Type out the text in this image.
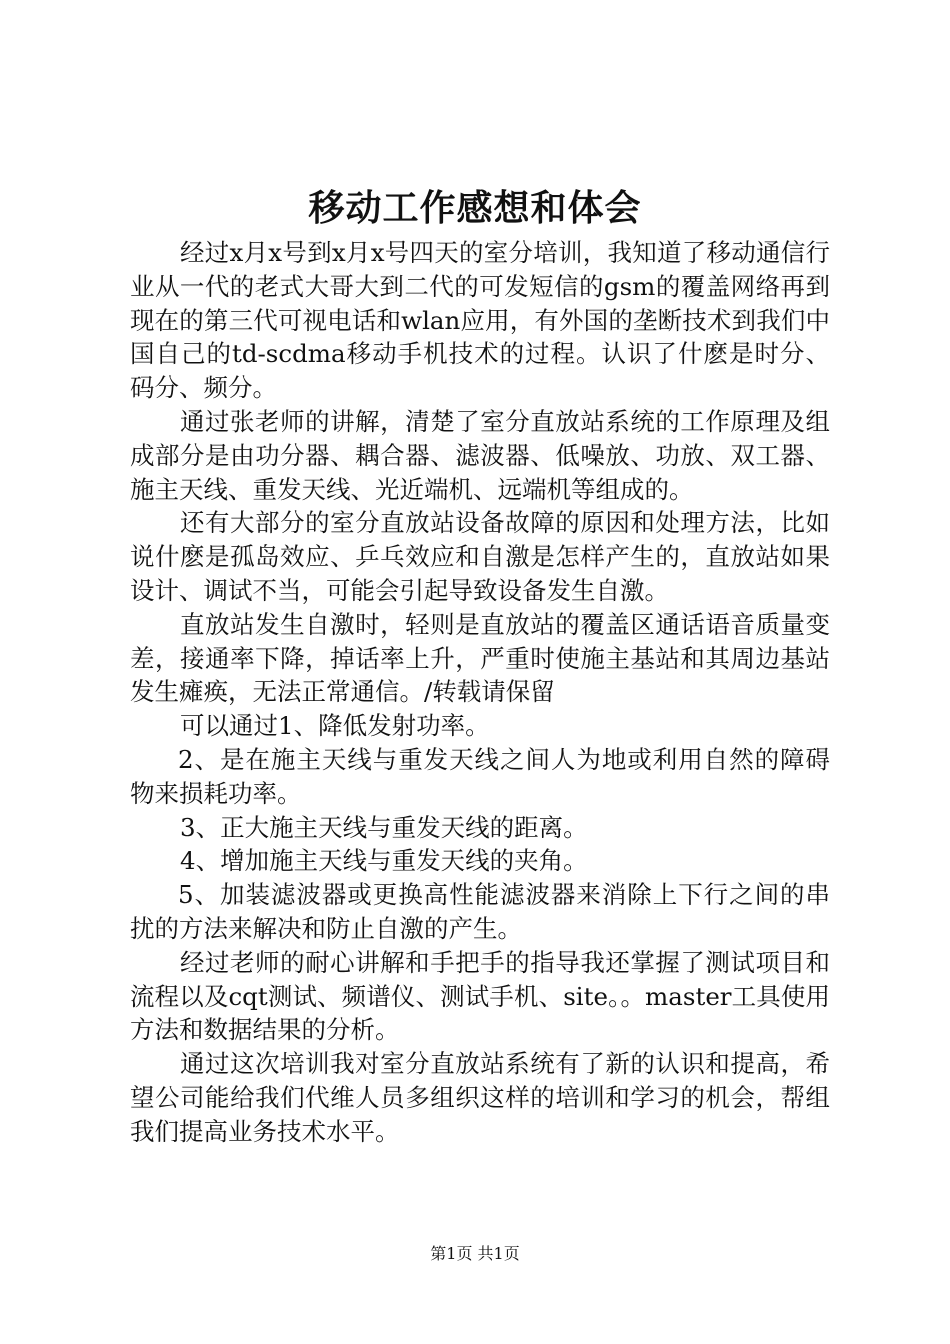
移动工作感想和体会

经过x月x号到x月x号四天的室分培训，我知道了移动通信行业从一代的老式大哥大到二代的可发短信的gsm的覆盖网络再到现在的第三代可视电话和wlan应用，有外国的垄断技术到我们中国自己的td-scdma移动手机技术的过程。认识了什麽是时分、码分、频分。

通过张老师的讲解，清楚了室分直放站系统的工作原理及组成部分是由功分器、耦合器、滤波器、低噪放、功放、双工器、施主天线、重发天线、光近端机、远端机等组成的。

还有大部分的室分直放站设备故障的原因和处理方法，比如说什麽是孤岛效应、乒乓效应和自激是怎样产生的，直放站如果设计、调试不当，可能会引起导致设备发生自激。

直放站发生自激时，轻则是直放站的覆盖区通话语音质量变差，接通率下降，掉话率上升，严重时使施主基站和其周边基站发生瘫痪，无法正常通信。/转载请保留

可以通过1、降低发射功率。

2、是在施主天线与重发天线之间人为地或利用自然的障碍物来损耗功率。

3、正大施主天线与重发天线的距离。

4、增加施主天线与重发天线的夹角。

5、加装滤波器或更换高性能滤波器来消除上下行之间的串扰的方法来解决和防止自激的产生。

经过老师的耐心讲解和手把手的指导我还掌握了测试项目和流程以及cqt测试、频谱仪、测试手机、site。。master工具使用方法和数据结果的分析。

通过这次培训我对室分直放站系统有了新的认识和提高，希望公司能给我们代维人员多组织这样的培训和学习的机会，帮组我们提高业务技术水平。

第1页 共1页
